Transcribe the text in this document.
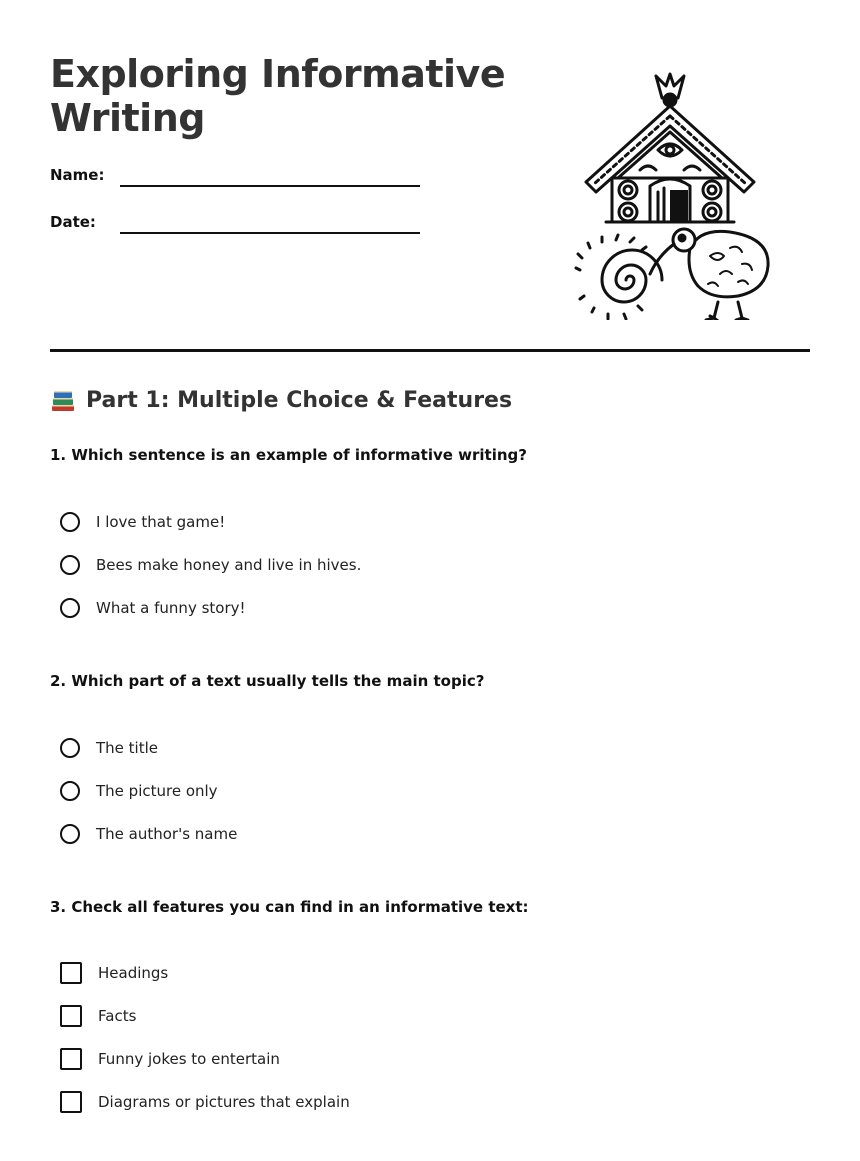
Exploring Informative
Writing
Name:
Date:
Part 1: Multiple Choice & Features

1. Which sentence is an example of informative writing?

I love that game!
Bees make honey and live in hives.
What a funny story!

2. Which part of a text usually tells the main topic?

The title
The picture only
The author's name

3. Check all features you can find in an informative text:

Headings
Facts
Funny jokes to entertain
Diagrams or pictures that explain
